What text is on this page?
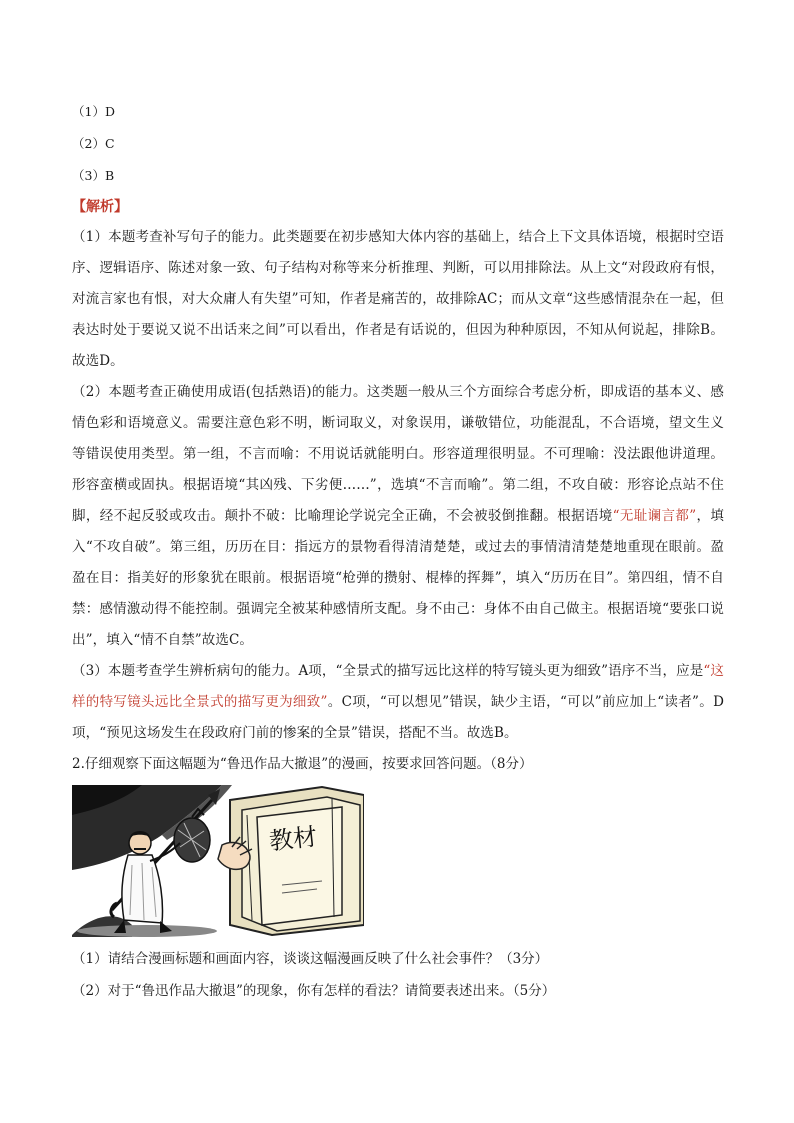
（1）D

（2）C

（3）B

【解析】

（1）本题考查补写句子的能力。此类题要在初步感知大体内容的基础上，结合上下文具体语境，根据时空语序、逻辑语序、陈述对象一致、句子结构对称等来分析推理、判断，可以用排除法。从上文“对段政府有恨，对流言家也有恨，对大众庸人有失望”可知，作者是痛苦的，故排除AC；而从文章“这些感情混杂在一起，但表达时处于要说又说不出话来之间”可以看出，作者是有话说的，但因为种种原因，不知从何说起，排除B。故选D。

（2）本题考查正确使用成语(包括熟语)的能力。这类题一般从三个方面综合考虑分析，即成语的基本义、感情色彩和语境意义。需要注意色彩不明，断词取义，对象误用，谦敬错位，功能混乱，不合语境，望文生义等错误使用类型。第一组，不言而喻：不用说话就能明白。形容道理很明显。不可理喻：没法跟他讲道理。形容蛮横或固执。根据语境“其凶残、下劣便……”，选填“不言而喻”。第二组，不攻自破：形容论点站不住脚，经不起反驳或攻击。颠扑不破：比喻理论学说完全正确，不会被驳倒推翻。根据语境“无耻谰言都”，填入“不攻自破”。第三组，历历在目：指远方的景物看得清清楚楚，或过去的事情清清楚楚地重现在眼前。盈盈在目：指美好的形象犹在眼前。根据语境“枪弹的攒射、棍棒的挥舞”，填入“历历在目”。第四组，情不自禁：感情激动得不能控制。强调完全被某种感情所支配。身不由己：身体不由自己做主。根据语境“要张口说出”，填入“情不自禁”故选C。

（3）本题考查学生辨析病句的能力。A项，“全景式的描写远比这样的特写镜头更为细致”语序不当，应是“这样的特写镜头远比全景式的描写更为细致”。C项，“可以想见”错误，缺少主语，“可以”前应加上“读者”。D项，“预见这场发生在段政府门前的惨案的全景”错误，搭配不当。故选B。

2.仔细观察下面这幅题为“鲁迅作品大撤退”的漫画，按要求回答问题。（8分）

教材

（1）请结合漫画标题和画面内容，谈谈这幅漫画反映了什么社会事件？（3分）

（2）对于“鲁迅作品大撤退”的现象，你有怎样的看法？请简要表述出来。（5分）
